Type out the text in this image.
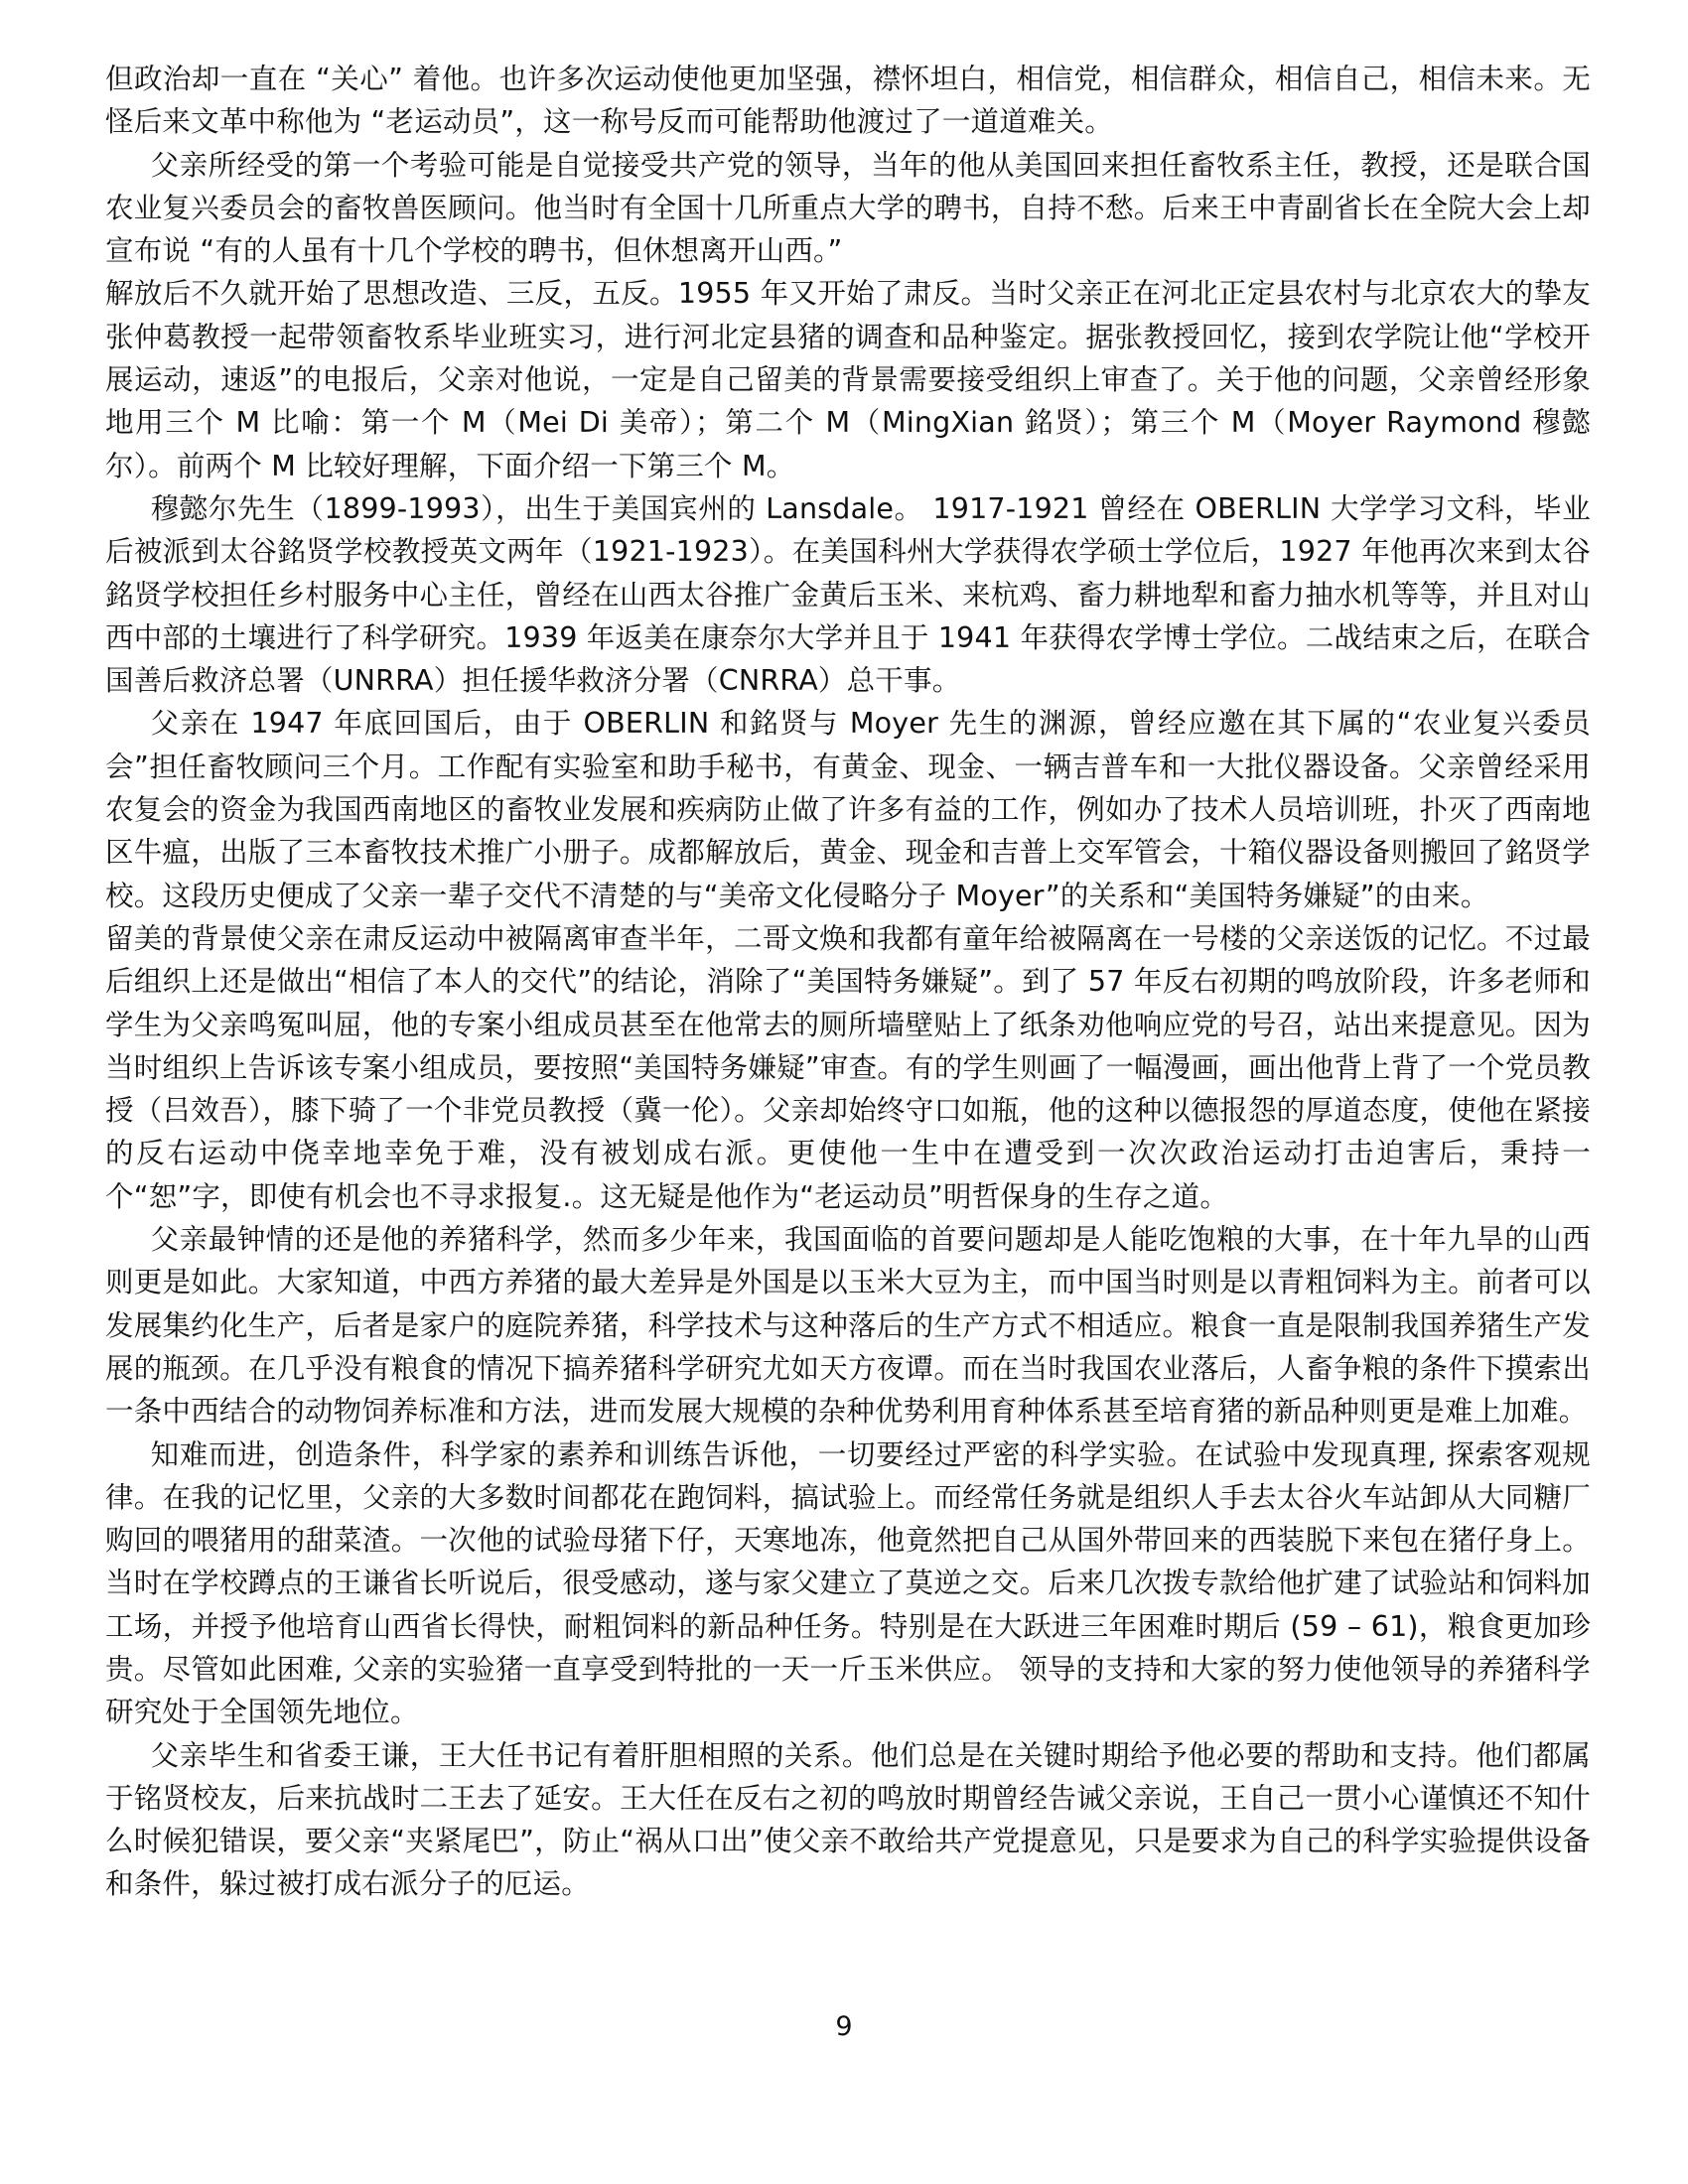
但政治却一直在 “关心” 着他。也许多次运动使他更加坚强，襟怀坦白，相信党，相信群众，相信自己，相信未来。无怪后来文革中称他为 “老运动员”，这一称号反而可能帮助他渡过了一道道难关。

父亲所经受的第一个考验可能是自觉接受共产党的领导，当年的他从美国回来担任畜牧系主任，教授，还是联合国农业复兴委员会的畜牧兽医顾问。他当时有全国十几所重点大学的聘书，自持不愁。后来王中青副省长在全院大会上却宣布说 “有的人虽有十几个学校的聘书，但休想离开山西。”

解放后不久就开始了思想改造、三反，五反。1955 年又开始了肃反。当时父亲正在河北正定县农村与北京农大的挚友张仲葛教授一起带领畜牧系毕业班实习，进行河北定县猪的调查和品种鉴定。据张教授回忆，接到农学院让他“学校开展运动，速返”的电报后，父亲对他说，一定是自己留美的背景需要接受组织上审查了。关于他的问题，父亲曾经形象地用三个 M 比喻：第一个 M（Mei Di 美帝）；第二个 M（MingXian 銘贤）；第三个 M（Moyer Raymond 穆懿尔）。前两个 M 比较好理解，下面介绍一下第三个 M。

穆懿尔先生（1899-1993），出生于美国宾州的 Lansdale。 1917-1921 曾经在 OBERLIN 大学学习文科，毕业后被派到太谷銘贤学校教授英文两年（1921-1923）。在美国科州大学获得农学硕士学位后，1927 年他再次来到太谷銘贤学校担任乡村服务中心主任，曾经在山西太谷推广金黄后玉米、来杭鸡、畜力耕地犁和畜力抽水机等等，并且对山西中部的土壤进行了科学研究。1939 年返美在康奈尔大学并且于 1941 年获得农学博士学位。二战结束之后，在联合国善后救济总署（UNRRA）担任援华救济分署（CNRRA）总干事。

父亲在 1947 年底回国后，由于 OBERLIN 和銘贤与 Moyer 先生的渊源，曾经应邀在其下属的“农业复兴委员会”担任畜牧顾问三个月。工作配有实验室和助手秘书，有黄金、现金、一辆吉普车和一大批仪器设备。父亲曾经采用农复会的资金为我国西南地区的畜牧业发展和疾病防止做了许多有益的工作，例如办了技术人员培训班，扑灭了西南地区牛瘟，出版了三本畜牧技术推广小册子。成都解放后，黄金、现金和吉普上交军管会，十箱仪器设备则搬回了銘贤学校。这段历史便成了父亲一辈子交代不清楚的与“美帝文化侵略分子 Moyer”的关系和“美国特务嫌疑”的由来。

留美的背景使父亲在肃反运动中被隔离审查半年，二哥文焕和我都有童年给被隔离在一号楼的父亲送饭的记忆。不过最后组织上还是做出“相信了本人的交代”的结论，消除了“美国特务嫌疑”。到了 57 年反右初期的鸣放阶段，许多老师和学生为父亲鸣冤叫屈，他的专案小组成员甚至在他常去的厕所墙壁贴上了纸条劝他响应党的号召，站出来提意见。因为当时组织上告诉该专案小组成员，要按照“美国特务嫌疑”审查。有的学生则画了一幅漫画，画出他背上背了一个党员教授（吕效吾），膝下骑了一个非党员教授（冀一伦）。父亲却始终守口如瓶，他的这种以德报怨的厚道态度，使他在紧接的反右运动中侥幸地幸免于难，没有被划成右派。更使他一生中在遭受到一次次政治运动打击迫害后，秉持一个“恕”字，即使有机会也不寻求报复.。这无疑是他作为“老运动员”明哲保身的生存之道。

父亲最钟情的还是他的养猪科学，然而多少年来，我国面临的首要问题却是人能吃饱粮的大事，在十年九旱的山西则更是如此。大家知道，中西方养猪的最大差异是外国是以玉米大豆为主，而中国当时则是以青粗饲料为主。前者可以发展集约化生产，后者是家户的庭院养猪，科学技术与这种落后的生产方式不相适应。粮食一直是限制我国养猪生产发展的瓶颈。在几乎没有粮食的情况下搞养猪科学研究尤如天方夜谭。而在当时我国农业落后，人畜争粮的条件下摸索出一条中西结合的动物饲养标准和方法，进而发展大规模的杂种优势利用育种体系甚至培育猪的新品种则更是难上加难。

知难而进，创造条件，科学家的素养和训练告诉他，一切要经过严密的科学实验。在试验中发现真理, 探索客观规律。在我的记忆里，父亲的大多数时间都花在跑饲料，搞试验上。而经常任务就是组织人手去太谷火车站卸从大同糖厂购回的喂猪用的甜菜渣。一次他的试验母猪下仔，天寒地冻，他竟然把自己从国外带回来的西装脱下来包在猪仔身上。当时在学校蹲点的王谦省长听说后，很受感动，遂与家父建立了莫逆之交。后来几次拨专款给他扩建了试验站和饲料加工场，并授予他培育山西省长得快，耐粗饲料的新品种任务。特别是在大跃进三年困难时期后 (59 – 61)，粮食更加珍贵。尽管如此困难, 父亲的实验猪一直享受到特批的一天一斤玉米供应。 领导的支持和大家的努力使他领导的养猪科学研究处于全国领先地位。

父亲毕生和省委王谦，王大任书记有着肝胆相照的关系。他们总是在关键时期给予他必要的帮助和支持。他们都属于铭贤校友，后来抗战时二王去了延安。王大任在反右之初的鸣放时期曾经告诫父亲说，王自己一贯小心谨慎还不知什么时候犯错误，要父亲“夹紧尾巴”，防止“祸从口出”使父亲不敢给共产党提意见，只是要求为自己的科学实验提供设备和条件，躲过被打成右派分子的厄运。

9
